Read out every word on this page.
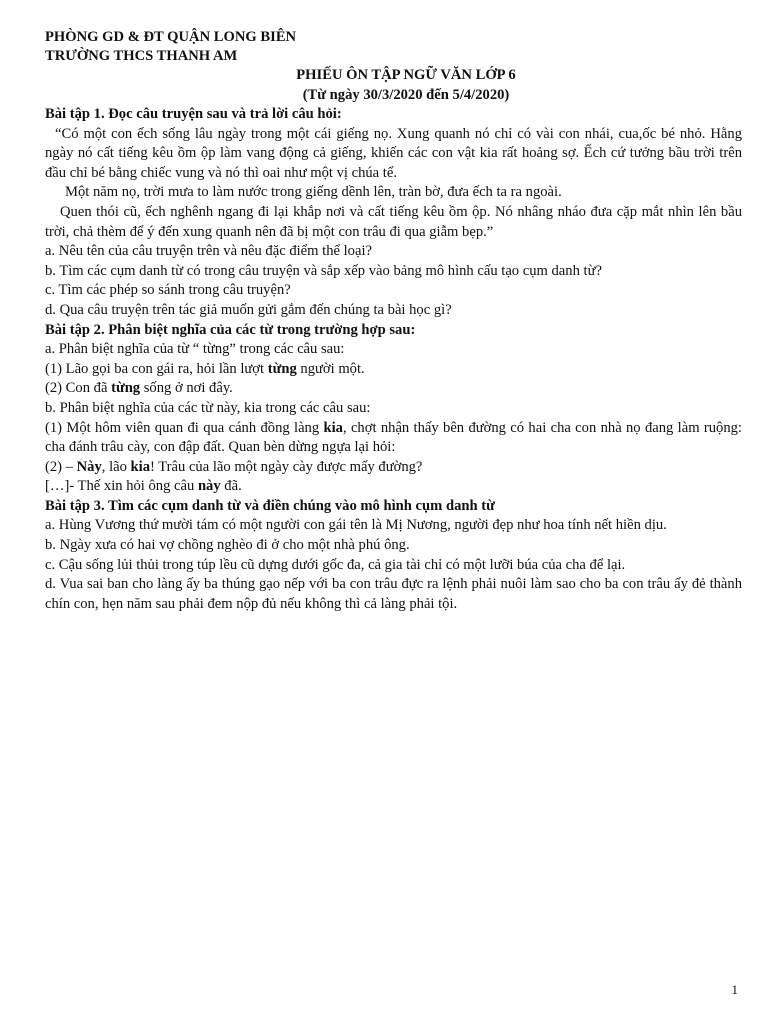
PHÒNG GD & ĐT QUẬN LONG BIÊN
TRƯỜNG THCS THANH AM
PHIẾU ÔN TẬP NGỮ VĂN LỚP 6
(Từ ngày 30/3/2020 đến 5/4/2020)
Bài tập 1. Đọc câu truyện sau và trả lời câu hỏi:
“Có một con ếch sống lâu ngày trong một cái giếng nọ. Xung quanh nó chỉ có vài con nhái, cua,ốc bé nhỏ. Hằng ngày nó cất tiếng kêu ồm ộp làm vang động cả giếng, khiến các con vật kia rất hoảng sợ. Ếch cứ tưởng bầu trời trên đầu chỉ bé bằng chiếc vung và nó thì oai như một vị chúa tể.
Một năm nọ, trời mưa to làm nước trong giếng dềnh lên, tràn bờ, đưa ếch ta ra ngoài.
Quen thói cũ, ếch nghênh ngang đi lại khắp nơi và cất tiếng kêu ồm ộp. Nó nhâng nháo đưa cặp mắt nhìn lên bầu trời, chả thèm để ý đến xung quanh nên đã bị một con trâu đi qua giẫm bẹp.”
a. Nêu tên của câu truyện trên và nêu đặc điểm thể loại?
b. Tìm các cụm danh từ có trong câu truyện và sắp xếp vào bảng mô hình cấu tạo cụm danh từ?
c. Tìm các phép so sánh trong câu truyện?
d. Qua câu truyện trên tác giả muốn gửi gắm đến chúng ta bài học gì?
Bài tập 2. Phân biệt nghĩa của các từ trong trường hợp sau:
a. Phân biệt nghĩa của từ “ từng” trong các câu sau:
(1) Lão gọi ba con gái ra, hỏi lần lượt từng người một.
(2) Con đã từng sống ở nơi đây.
b. Phân biệt nghĩa của các từ này, kia trong các câu sau:
(1) Một hôm viên quan đi qua cánh đồng làng kia, chợt nhận thấy bên đường có hai cha con nhà nọ đang làm ruộng: cha đánh trâu cày, con đập đất. Quan bèn dừng ngựa lại hỏi:
(2) – Này, lão kia! Trâu của lão một ngày cày được mấy đường?
[…]- Thế xin hỏi ông câu này đã.
Bài tập 3. Tìm các cụm danh từ và điền chúng vào mô hình cụm danh từ
a. Hùng Vương thứ mười tám có một người con gái tên là Mị Nương, người đẹp như hoa tính nết hiền dịu.
b. Ngày xưa có hai vợ chồng nghèo đi ở cho một nhà phú ông.
c. Cậu sống lủi thủi trong túp lều cũ dựng dưới gốc đa, cả gia tài chỉ có một lưỡi búa của cha để lại.
d. Vua sai ban cho làng ấy ba thúng gạo nếp với ba con trâu đực ra lệnh phải nuôi làm sao cho ba con trâu ấy đẻ thành chín con, hẹn năm sau phải đem nộp đủ nếu không thì cả làng phải tội.
1
